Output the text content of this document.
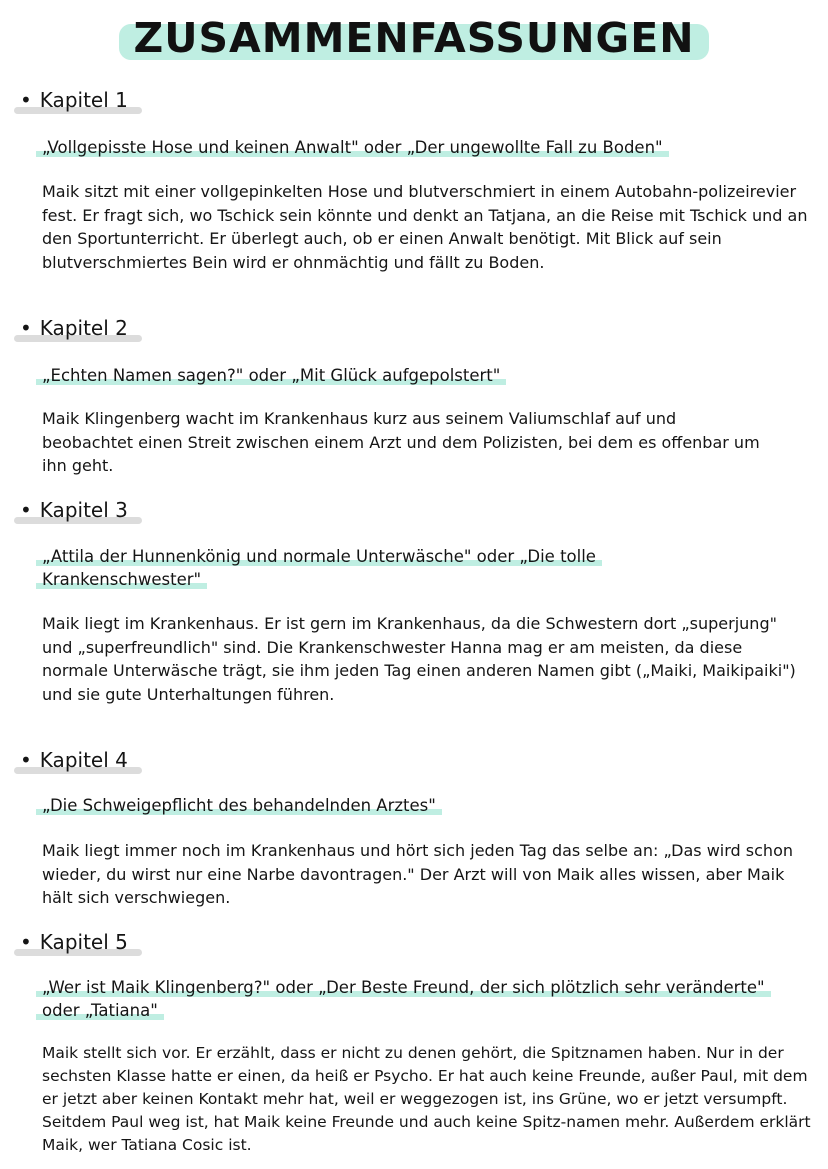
ZUSAMMENFASSUNGEN
• Kapitel 1
„Vollgepisste Hose und keinen Anwalt" oder „Der ungewollte Fall zu Boden"
Maik sitzt mit einer vollgepinkelten Hose und blutverschmiert in einem Autobahn-polizeirevier fest. Er fragt sich, wo Tschick sein könnte und denkt an Tatjana, an die Reise mit Tschick und an den Sportunterricht. Er überlegt auch, ob er einen Anwalt benötigt. Mit Blick auf sein blutverschmiertes Bein wird er ohnmächtig und fällt zu Boden.
• Kapitel 2
„Echten Namen sagen?" oder „Mit Glück aufgepolstert"
Maik Klingenberg wacht im Krankenhaus kurz aus seinem Valiumschlaf auf und beobachtet einen Streit zwischen einem Arzt und dem Polizisten, bei dem es offenbar um ihn geht.
• Kapitel 3
„Attila der Hunnenkönig und normale Unterwäsche" oder „Die tolle Krankenschwester"
Maik liegt im Krankenhaus. Er ist gern im Krankenhaus, da die Schwestern dort „superjung" und „superfreundlich" sind. Die Krankenschwester Hanna mag er am meisten, da diese normale Unterwäsche trägt, sie ihm jeden Tag einen anderen Namen gibt („Maiki, Maikipaiki") und sie gute Unterhaltungen führen.
• Kapitel 4
„Die Schweigepflicht des behandelnden Arztes"
Maik liegt immer noch im Krankenhaus und hört sich jeden Tag das selbe an: „Das wird schon wieder, du wirst nur eine Narbe davontragen." Der Arzt will von Maik alles wissen, aber Maik hält sich verschwiegen.
• Kapitel 5
„Wer ist Maik Klingenberg?" oder „Der Beste Freund, der sich plötzlich sehr veränderte" oder „Tatiana"
Maik stellt sich vor. Er erzählt, dass er nicht zu denen gehört, die Spitznamen haben. Nur in der sechsten Klasse hatte er einen, da heiß er Psycho. Er hat auch keine Freunde, außer Paul, mit dem er jetzt aber keinen Kontakt mehr hat, weil er weggezogen ist, ins Grüne, wo er jetzt versumpft. Seitdem Paul weg ist, hat Maik keine Freunde und auch keine Spitz-namen mehr. Außerdem erklärt Maik, wer Tatiana Cosic ist.
